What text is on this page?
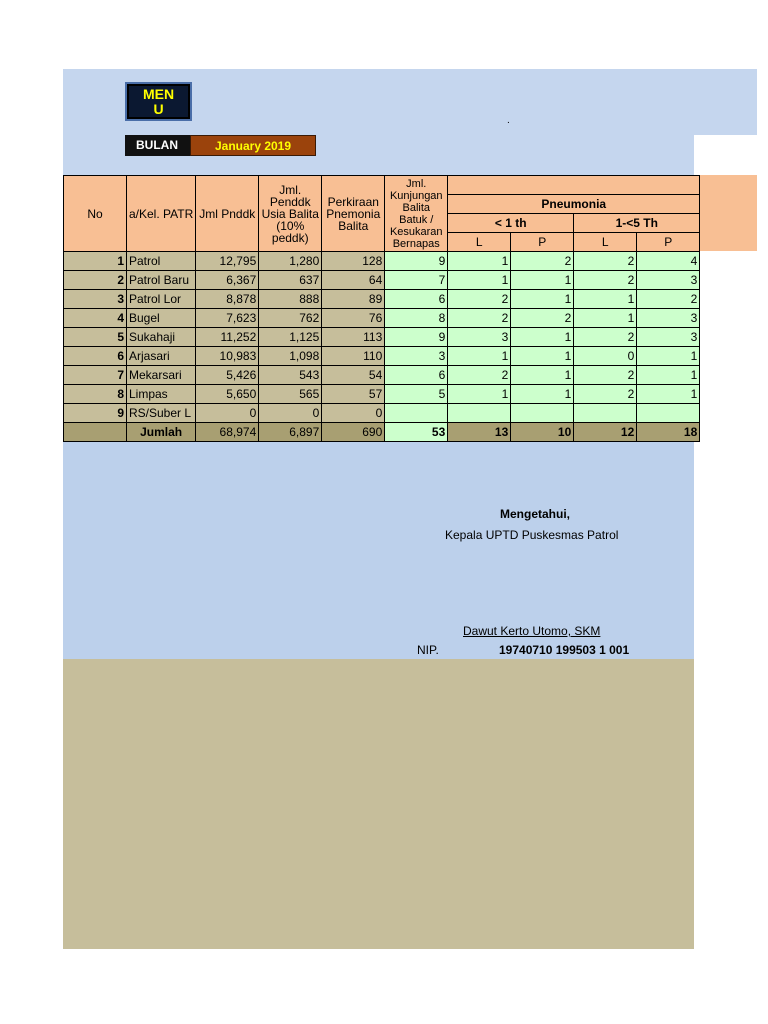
MENU
.
BULAN	January 2019
No	a/Kel. PATR	Jml Pnddk	Jml. Penddk Usia Balita (10% peddk)	Perkiraan Pnemonia Balita	Jml. Kunjungan Balita Batuk / Kesukaran Bernapas				
						Pneumonia			
						< 1 th		1-<5 Th	
						L	P	L	P
1	Patrol	12,795	1,280	128	9	1	2	2	4
2	Patrol Baru	6,367	637	64	7	1	1	2	3
3	Patrol Lor	8,878	888	89	6	2	1	1	2
4	Bugel	7,623	762	76	8	2	2	1	3
5	Sukahaji	11,252	1,125	113	9	3	1	2	3
6	Arjasari	10,983	1,098	110	3	1	1	0	1
7	Mekarsari	5,426	543	54	6	2	1	2	1
8	Limpas	5,650	565	57	5	1	1	2	1
9	RS/Suber L	0	0	0					
	Jumlah	68,974	6,897	690	53	13	10	12	18
Mengetahui,
Kepala UPTD Puskesmas Patrol
Dawut Kerto Utomo, SKM
NIP.	19740710 199503 1 001
